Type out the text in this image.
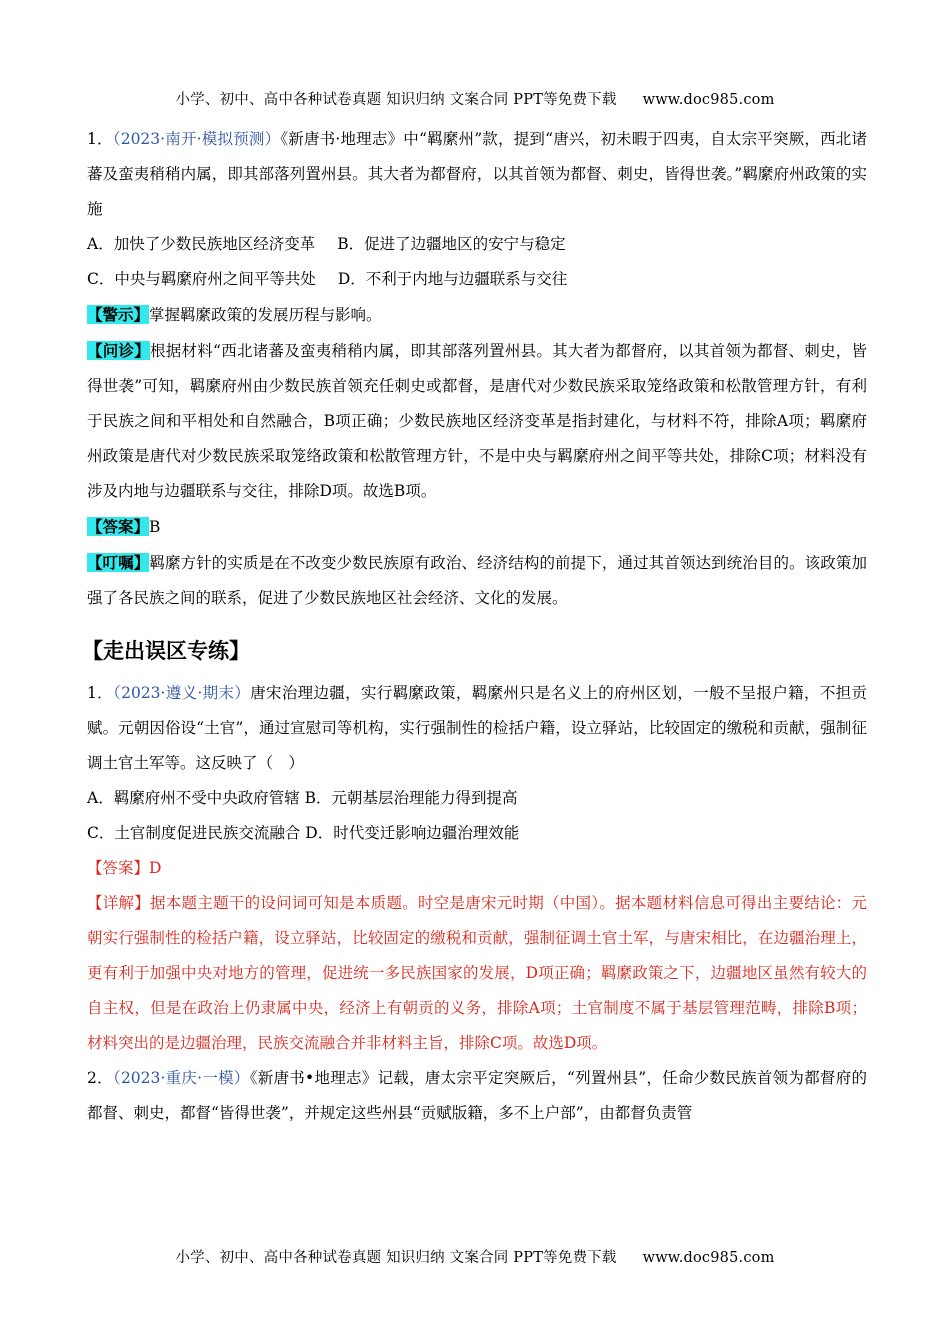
小学、初中、高中各种试卷真题 知识归纳 文案合同 PPT等免费下载 www.doc985.com

1．（2023·南开·模拟预测）《新唐书·地理志》中“羁縻州”款，提到“唐兴，初未暇于四夷，自太宗平突厥，西北诸蕃及蛮夷稍稍内属，即其部落列置州县。其大者为都督府，以其首领为都督、刺史，皆得世袭。”羁縻府州政策的实施

A．加快了少数民族地区经济变革 B．促进了边疆地区的安宁与稳定

C．中央与羁縻府州之间平等共处 D．不利于内地与边疆联系与交往

【警示】掌握羁縻政策的发展历程与影响。

【问诊】根据材料“西北诸蕃及蛮夷稍稍内属，即其部落列置州县。其大者为都督府，以其首领为都督、刺史，皆得世袭”可知，羁縻府州由少数民族首领充任刺史或都督，是唐代对少数民族采取笼络政策和松散管理方针，有利于民族之间和平相处和自然融合，B项正确；少数民族地区经济变革是指封建化，与材料不符，排除A项；羁縻府州政策是唐代对少数民族采取笼络政策和松散管理方针，不是中央与羁縻府州之间平等共处，排除C项；材料没有涉及内地与边疆联系与交往，排除D项。故选B项。

【答案】B

【叮嘱】羁縻方针的实质是在不改变少数民族原有政治、经济结构的前提下，通过其首领达到统治目的。该政策加强了各民族之间的联系，促进了少数民族地区社会经济、文化的发展。

【走出误区专练】

1．（2023·遵义·期末）唐宋治理边疆，实行羁縻政策，羁縻州只是名义上的府州区划，一般不呈报户籍，不担贡赋。元朝因俗设“土官”，通过宣慰司等机构，实行强制性的检括户籍，设立驿站，比较固定的缴税和贡献，强制征调土官土军等。这反映了（　）

A．羁縻府州不受中央政府管辖 B．元朝基层治理能力得到提高

C．土官制度促进民族交流融合 D．时代变迁影响边疆治理效能

【答案】D

【详解】据本题主题干的设问词可知是本质题。时空是唐宋元时期（中国）。据本题材料信息可得出主要结论：元朝实行强制性的检括户籍，设立驿站，比较固定的缴税和贡献，强制征调土官土军，与唐宋相比，在边疆治理上，更有利于加强中央对地方的管理，促进统一多民族国家的发展，D项正确；羁縻政策之下，边疆地区虽然有较大的自主权，但是在政治上仍隶属中央，经济上有朝贡的义务，排除A项；土官制度不属于基层管理范畴，排除B项；材料突出的是边疆治理，民族交流融合并非材料主旨，排除C项。故选D项。

2．（2023·重庆·一模）《新唐书•地理志》记载，唐太宗平定突厥后，“列置州县”，任命少数民族首领为都督府的都督、刺史，都督“皆得世袭”，并规定这些州县“贡赋版籍，多不上户部”，由都督负责管

小学、初中、高中各种试卷真题 知识归纳 文案合同 PPT等免费下载 www.doc985.com
